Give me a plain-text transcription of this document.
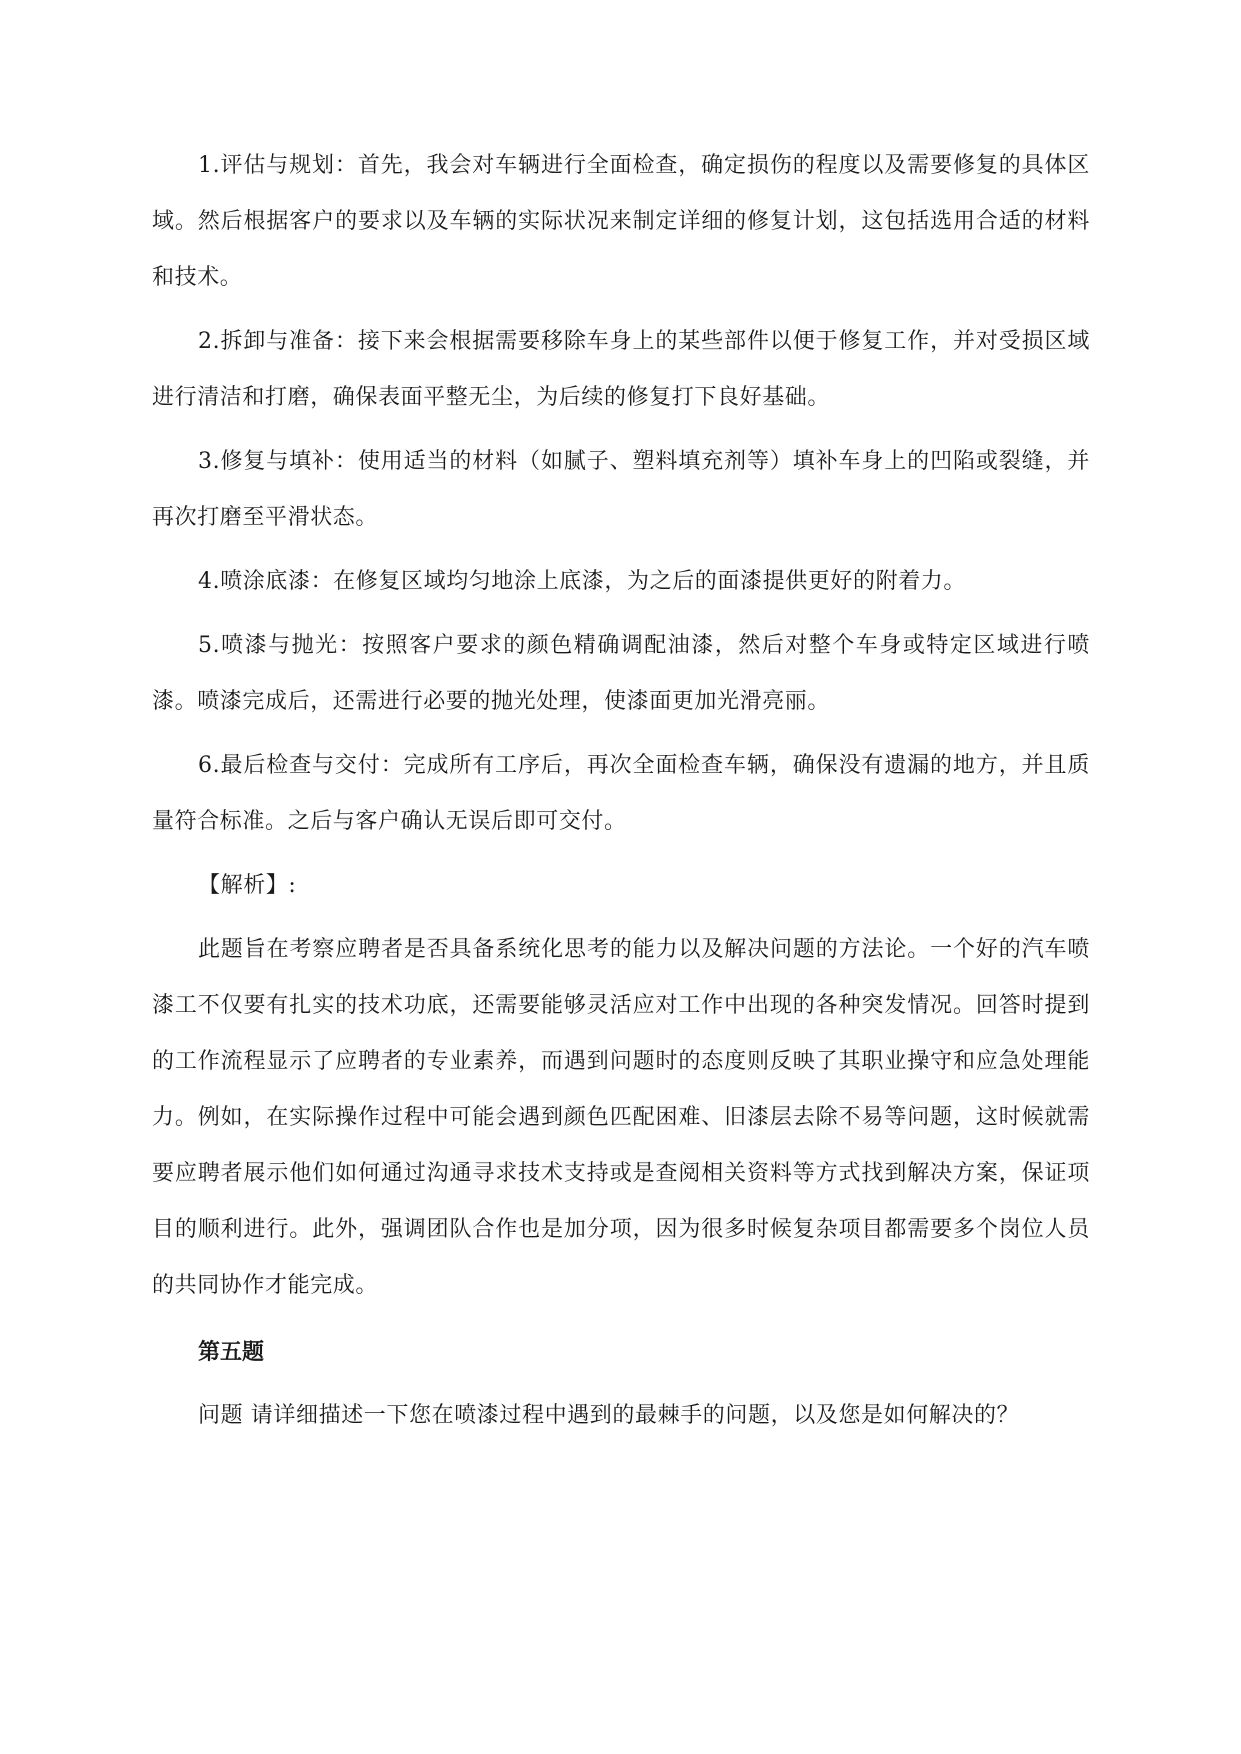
1.评估与规划：首先，我会对车辆进行全面检查，确定损伤的程度以及需要修复的具体区域。然后根据客户的要求以及车辆的实际状况来制定详细的修复计划，这包括选用合适的材料和技术。

2.拆卸与准备：接下来会根据需要移除车身上的某些部件以便于修复工作，并对受损区域进行清洁和打磨，确保表面平整无尘，为后续的修复打下良好基础。

3.修复与填补：使用适当的材料（如腻子、塑料填充剂等）填补车身上的凹陷或裂缝，并再次打磨至平滑状态。

4.喷涂底漆：在修复区域均匀地涂上底漆，为之后的面漆提供更好的附着力。

5.喷漆与抛光：按照客户要求的颜色精确调配油漆，然后对整个车身或特定区域进行喷漆。喷漆完成后，还需进行必要的抛光处理，使漆面更加光滑亮丽。

6.最后检查与交付：完成所有工序后，再次全面检查车辆，确保没有遗漏的地方，并且质量符合标准。之后与客户确认无误后即可交付。

【解析】:

此题旨在考察应聘者是否具备系统化思考的能力以及解决问题的方法论。一个好的汽车喷漆工不仅要有扎实的技术功底，还需要能够灵活应对工作中出现的各种突发情况。回答时提到的工作流程显示了应聘者的专业素养，而遇到问题时的态度则反映了其职业操守和应急处理能力。例如，在实际操作过程中可能会遇到颜色匹配困难、旧漆层去除不易等问题，这时候就需要应聘者展示他们如何通过沟通寻求技术支持或是查阅相关资料等方式找到解决方案，保证项目的顺利进行。此外，强调团队合作也是加分项，因为很多时候复杂项目都需要多个岗位人员的共同协作才能完成。

第五题

问题 请详细描述一下您在喷漆过程中遇到的最棘手的问题，以及您是如何解决的？
